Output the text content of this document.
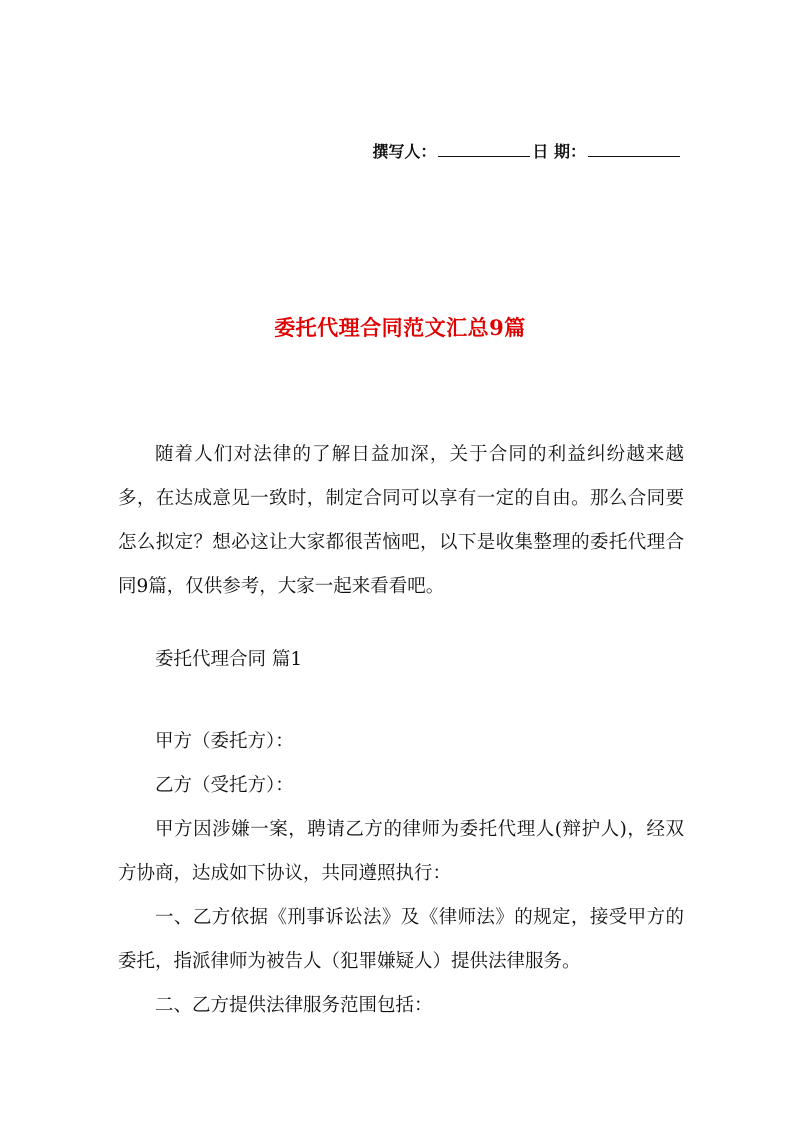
撰写人：	日 期：
委托代理合同范文汇总9篇

随着人们对法律的了解日益加深，关于合同的利益纠纷越来越多，在达成意见一致时，制定合同可以享有一定的自由。那么合同要怎么拟定？想必这让大家都很苦恼吧，以下是收集整理的委托代理合同9篇，仅供参考，大家一起来看看吧。

委托代理合同 篇1

甲方（委托方）：

乙方（受托方）：

甲方因涉嫌一案，聘请乙方的律师为委托代理人(辩护人)，经双方协商，达成如下协议，共同遵照执行：

一、乙方依据《刑事诉讼法》及《律师法》的规定，接受甲方的委托，指派律师为被告人（犯罪嫌疑人）提供法律服务。

二、乙方提供法律服务范围包括：
